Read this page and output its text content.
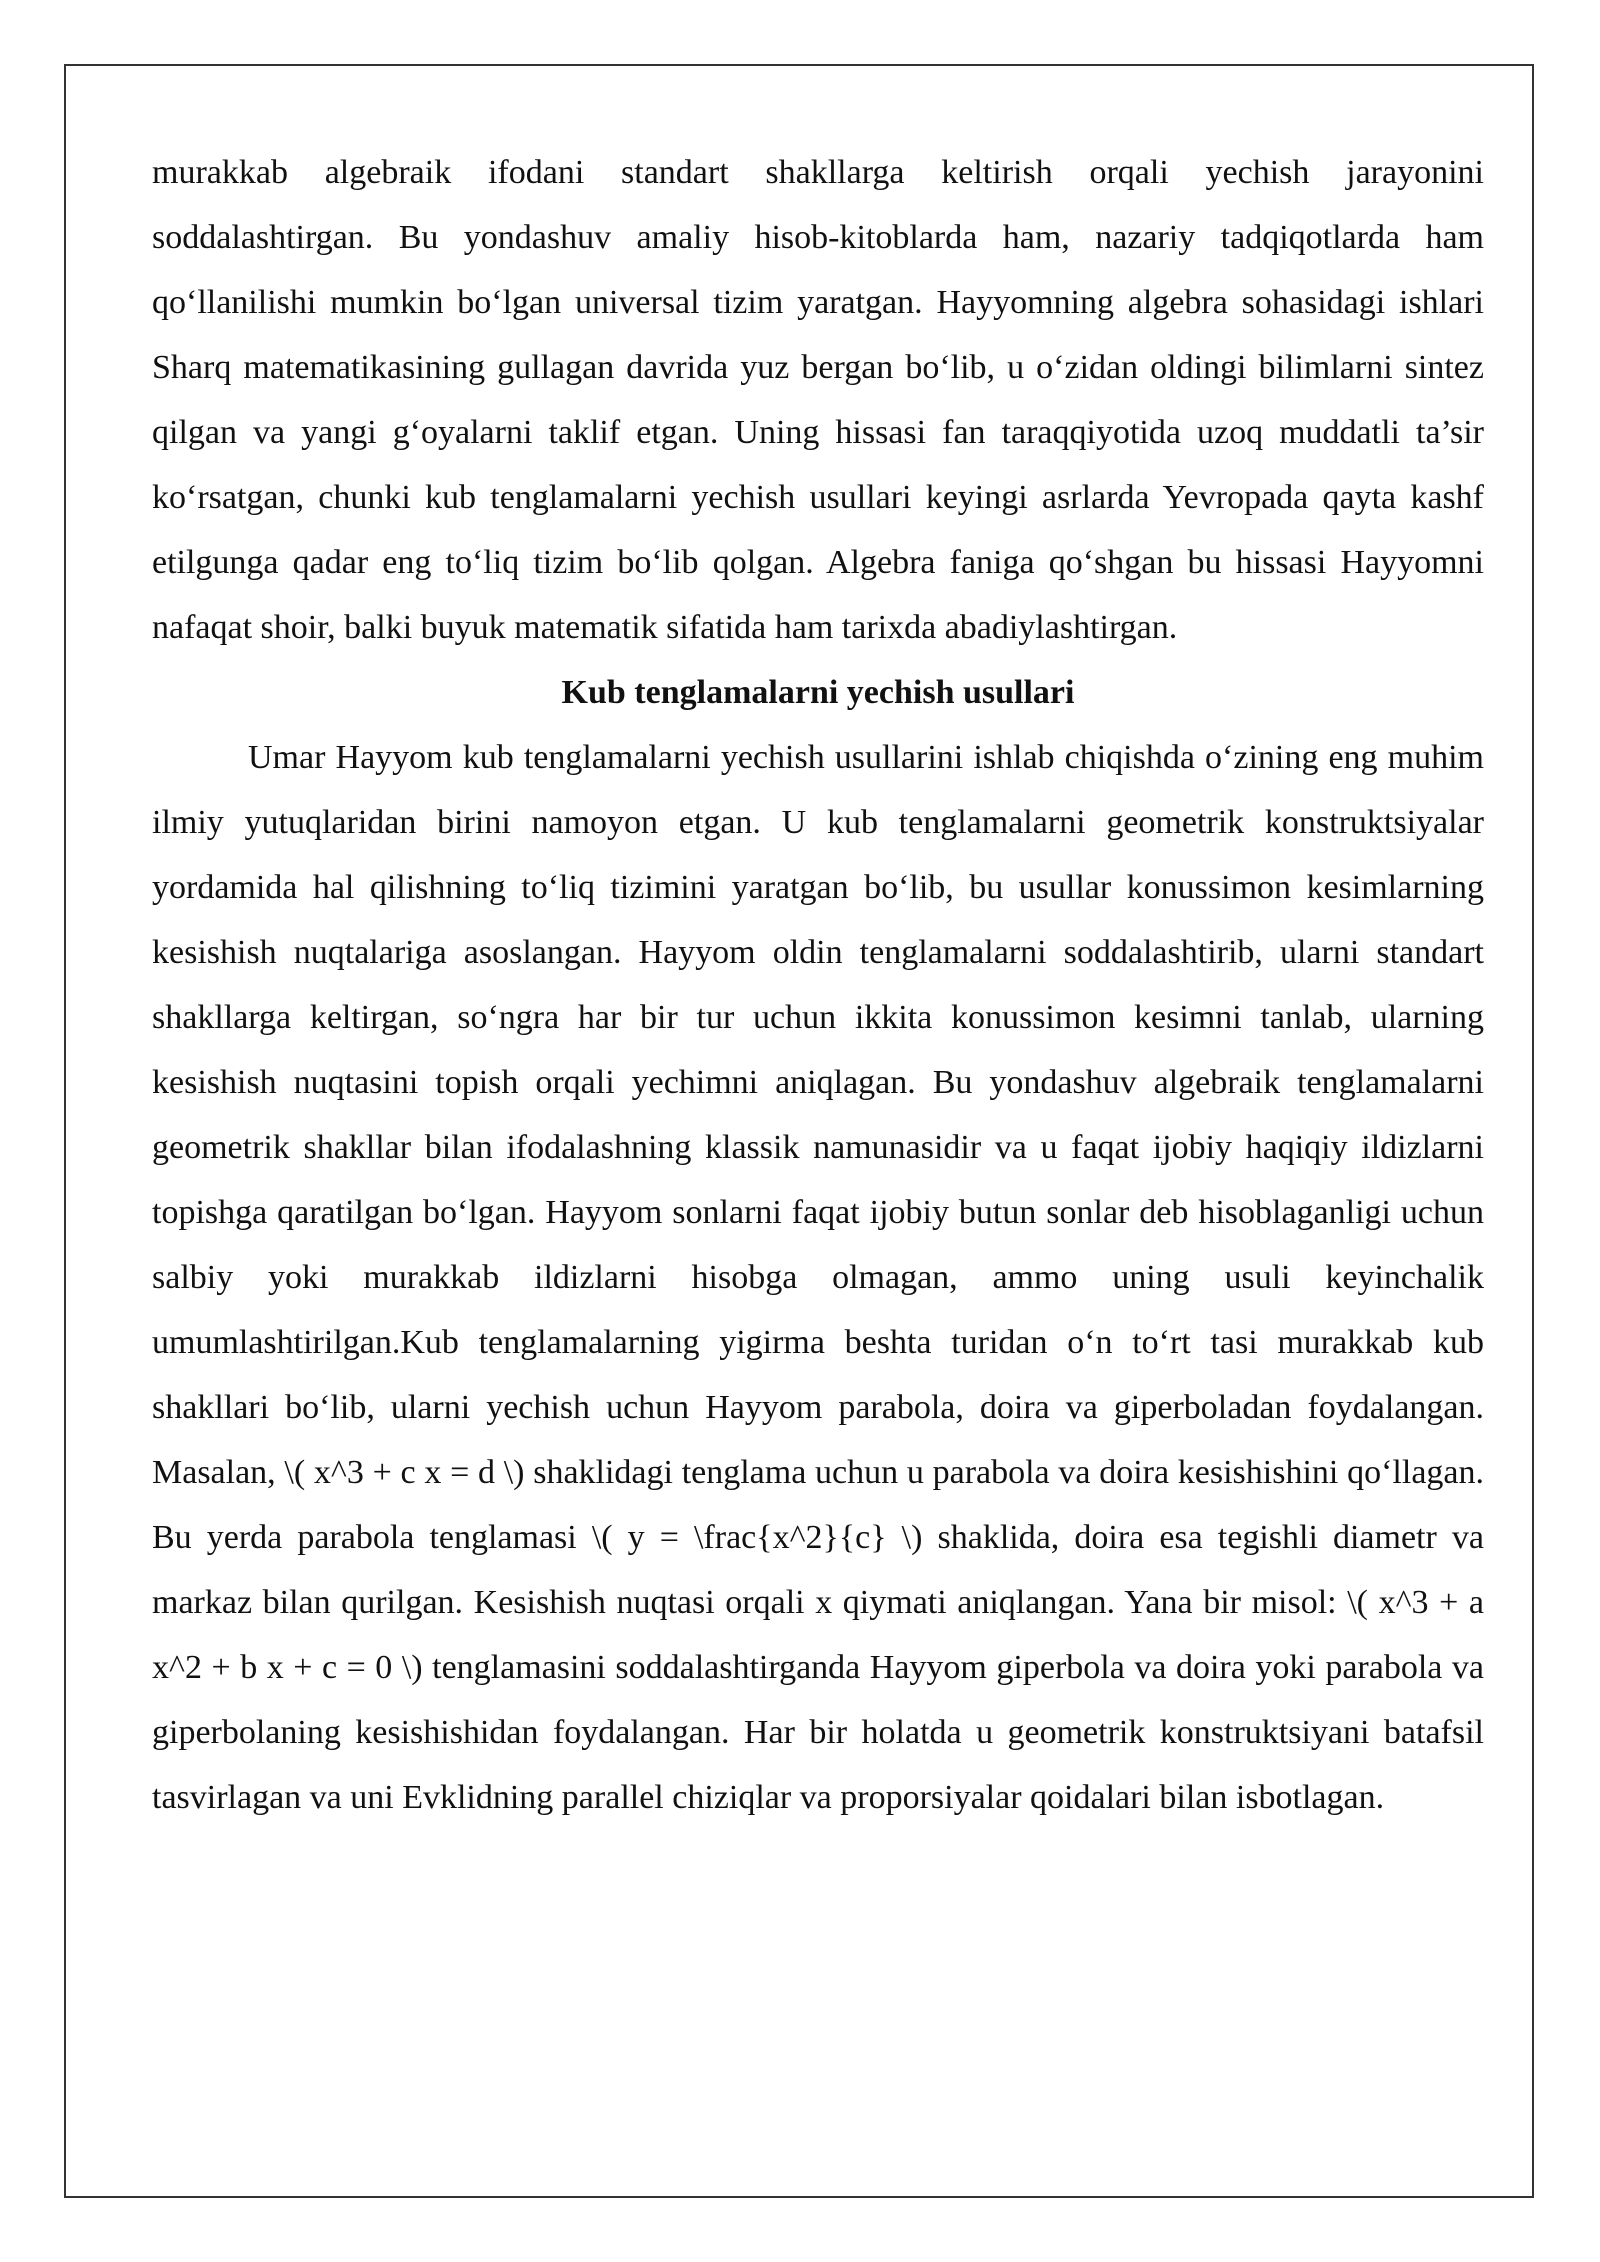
murakkab algebraik ifodani standart shakllarga keltirish orqali yechish jarayonini soddalashtirgan. Bu yondashuv amaliy hisob-kitoblarda ham, nazariy tadqiqotlarda ham qo‘llanilishi mumkin bo‘lgan universal tizim yaratgan. Hayyomning algebra sohasidagi ishlari Sharq matematikasining gullagan davrida yuz bergan bo‘lib, u o‘zidan oldingi bilimlarni sintez qilgan va yangi g‘oyalarni taklif etgan. Uning hissasi fan taraqqiyotida uzoq muddatli ta’sir ko‘rsatgan, chunki kub tenglamalarni yechish usullari keyingi asrlarda Yevropada qayta kashf etilgunga qadar eng to‘liq tizim bo‘lib qolgan. Algebra faniga qo‘shgan bu hissasi Hayyomni nafaqat shoir, balki buyuk matematik sifatida ham tarixda abadiylashtirgan.

Kub tenglamalarni yechish usullari

Umar Hayyom kub tenglamalarni yechish usullarini ishlab chiqishda o‘zining eng muhim ilmiy yutuqlaridan birini namoyon etgan. U kub tenglamalarni geometrik konstruktsiyalar yordamida hal qilishning to‘liq tizimini yaratgan bo‘lib, bu usullar konussimon kesimlarning kesishish nuqtalariga asoslangan. Hayyom oldin tenglamalarni soddalashtirib, ularni standart shakllarga keltirgan, so‘ngra har bir tur uchun ikkita konussimon kesimni tanlab, ularning kesishish nuqtasini topish orqali yechimni aniqlagan. Bu yondashuv algebraik tenglamalarni geometrik shakllar bilan ifodalashning klassik namunasidir va u faqat ijobiy haqiqiy ildizlarni topishga qaratilgan bo‘lgan. Hayyom sonlarni faqat ijobiy butun sonlar deb hisoblaganligi uchun salbiy yoki murakkab ildizlarni hisobga olmagan, ammo uning usuli keyinchalik umumlashtirilgan.Kub tenglamalarning yigirma beshta turidan o‘n to‘rt tasi murakkab kub shakllari bo‘lib, ularni yechish uchun Hayyom parabola, doira va giperboladan foydalangan. Masalan, \( x^3 + c x = d \) shaklidagi tenglama uchun u parabola va doira kesishishini qo‘llagan. Bu yerda parabola tenglamasi \( y = \frac{x^2}{c} \) shaklida, doira esa tegishli diametr va markaz bilan qurilgan. Kesishish nuqtasi orqali x qiymati aniqlangan. Yana bir misol: \( x^3 + a x^2 + b x + c = 0 \) tenglamasini soddalashtirganda Hayyom giperbola va doira yoki parabola va giperbolaning kesishishidan foydalangan. Har bir holatda u geometrik konstruktsiyani batafsil tasvirlagan va uni Evklidning parallel chiziqlar va proporsiyalar qoidalari bilan isbotlagan.
